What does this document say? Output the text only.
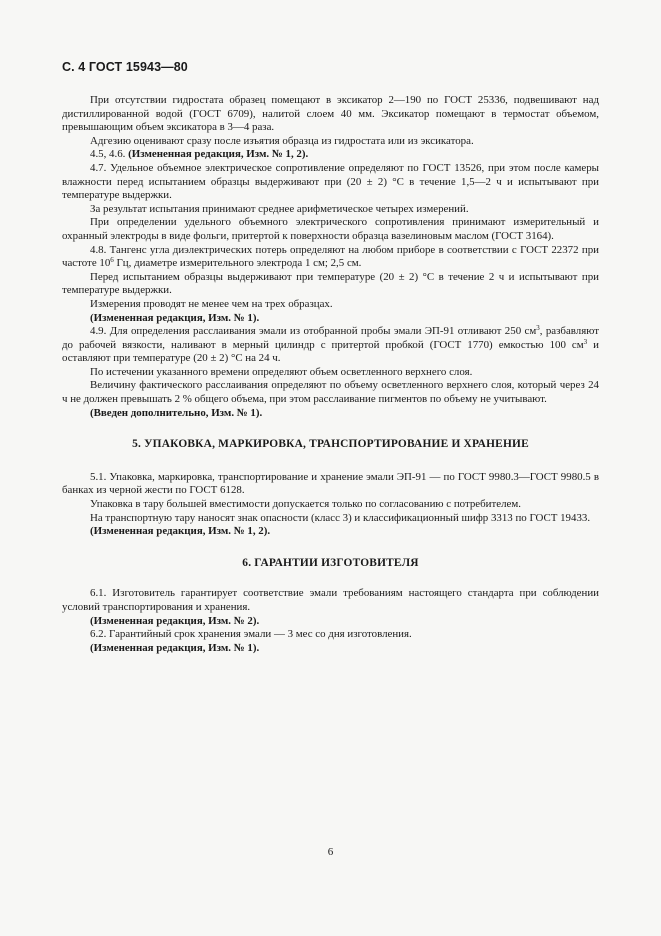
С. 4 ГОСТ 15943—80

При отсутствии гидростата образец помещают в эксикатор 2—190 по ГОСТ 25336, подвешивают над дистиллированной водой (ГОСТ 6709), налитой слоем 40 мм. Эксикатор помещают в термостат объемом, превышающим объем эксикатора в 3—4 раза.

Адгезию оценивают сразу после изъятия образца из гидростата или из эксикатора.

4.5, 4.6. (Измененная редакция, Изм. № 1, 2).

4.7. Удельное объемное электрическое сопротивление определяют по ГОСТ 13526, при этом после камеры влажности перед испытанием образцы выдерживают при (20 ± 2) °С в течение 1,5—2 ч и испытывают при температуре выдержки.

За результат испытания принимают среднее арифметическое четырех измерений.

При определении удельного объемного электрического сопротивления принимают измерительный и охранный электроды в виде фольги, притертой к поверхности образца вазелиновым маслом (ГОСТ 3164).

4.8. Тангенс угла диэлектрических потерь определяют на любом приборе в соответствии с ГОСТ 22372 при частоте $10^6$ Гц, диаметре измерительного электрода 1 см; 2,5 см.

Перед испытанием образцы выдерживают при температуре (20 ± 2) °С в течение 2 ч и испытывают при температуре выдержки.

Измерения проводят не менее чем на трех образцах.

(Измененная редакция, Изм. № 1).

4.9. Для определения расслаивания эмали из отобранной пробы эмали ЭП-91 отливают 250 $см^3$, разбавляют до рабочей вязкости, наливают в мерный цилиндр с притертой пробкой (ГОСТ 1770) емкостью 100 $см^3$ и оставляют при температуре (20 ± 2) °С на 24 ч.

По истечении указанного времени определяют объем осветленного верхнего слоя.

Величину фактического расслаивания определяют по объему осветленного верхнего слоя, который через 24 ч не должен превышать 2 % общего объема, при этом расслаивание пигментов по объему не учитывают.

(Введен дополнительно, Изм. № 1).

5. УПАКОВКА, МАРКИРОВКА, ТРАНСПОРТИРОВАНИЕ И ХРАНЕНИЕ

5.1. Упаковка, маркировка, транспортирование и хранение эмали ЭП-91 — по ГОСТ 9980.3—ГОСТ 9980.5 в банках из черной жести по ГОСТ 6128.

Упаковка в тару большей вместимости допускается только по согласованию с потребителем.

На транспортную тару наносят знак опасности (класс 3) и классификационный шифр 3313 по ГОСТ 19433.

(Измененная редакция, Изм. № 1, 2).

6. ГАРАНТИИ ИЗГОТОВИТЕЛЯ

6.1. Изготовитель гарантирует соответствие эмали требованиям настоящего стандарта при соблюдении условий транспортирования и хранения.

(Измененная редакция, Изм. № 2).

6.2. Гарантийный срок хранения эмали — 3 мес со дня изготовления.

(Измененная редакция, Изм. № 1).

6
